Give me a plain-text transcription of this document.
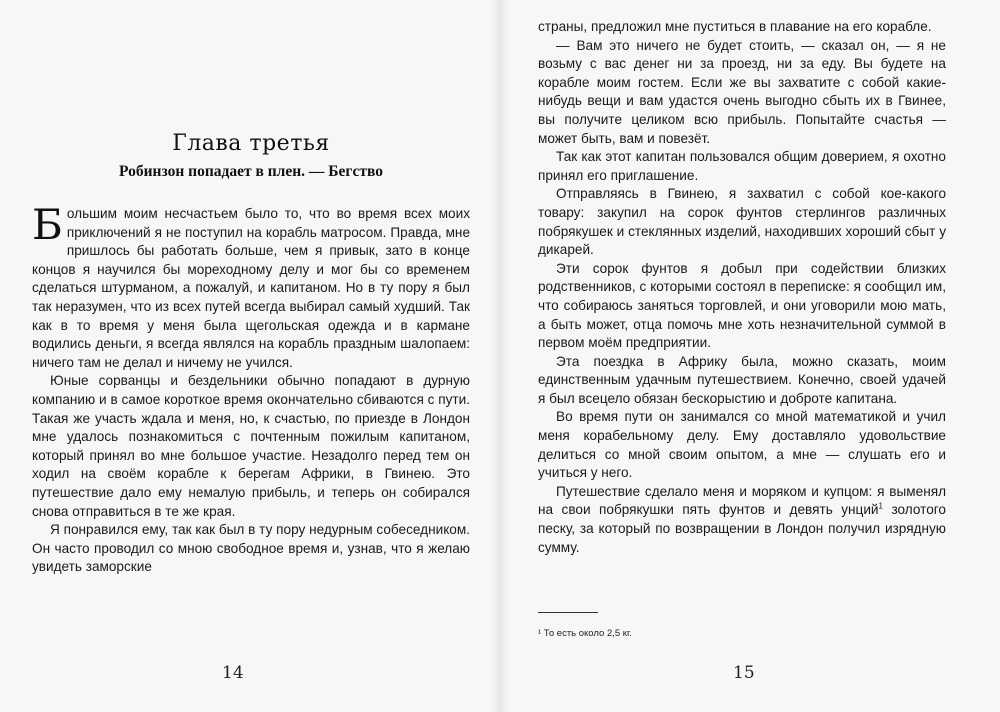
Глава третья
Робинзон попадает в плен. — Бегство

Большим моим несчастьем было то, что во время всех моих приключений я не поступил на корабль матросом. Правда, мне пришлось бы работать больше, чем я привык, зато в конце концов я научился бы мореходному делу и мог бы со временем сделаться штурманом, а пожалуй, и капитаном. Но в ту пору я был так неразумен, что из всех путей всегда выбирал самый худший. Так как в то время у меня была щегольская одежда и в кармане водились деньги, я всегда являлся на корабль праздным шалопаем: ничего там не делал и ничему не учился.

Юные сорванцы и бездельники обычно попадают в дурную компанию и в самое короткое время окончательно сбиваются с пути. Такая же участь ждала и меня, но, к счастью, по приезде в Лондон мне удалось познакомиться с почтенным пожилым капитаном, который принял во мне большое участие. Незадолго перед тем он ходил на своём корабле к берегам Африки, в Гвинею. Это путешествие дало ему немалую прибыль, и теперь он собирался снова отправиться в те же края.

Я понравился ему, так как был в ту пору недурным собеседником. Он часто проводил со мною свободное время и, узнав, что я желаю увидеть заморские

14

страны, предложил мне пуститься в плавание на его корабле.

— Вам это ничего не будет стоить, — сказал он, — я не возьму с вас денег ни за проезд, ни за еду. Вы будете на корабле моим гостем. Если же вы захватите с собой какие-нибудь вещи и вам удастся очень выгодно сбыть их в Гвинее, вы получите целиком всю прибыль. Попытайте счастья — может быть, вам и повезёт.

Так как этот капитан пользовался общим доверием, я охотно принял его приглашение.

Отправляясь в Гвинею, я захватил с собой кое-какого товару: закупил на сорок фунтов стерлингов различных побрякушек и стеклянных изделий, находивших хороший сбыт у дикарей.

Эти сорок фунтов я добыл при содействии близких родственников, с которыми состоял в переписке: я сообщил им, что собираюсь заняться торговлей, и они уговорили мою мать, а быть может, отца помочь мне хоть незначительной суммой в первом моём предприятии.

Эта поездка в Африку была, можно сказать, моим единственным удачным путешествием. Конечно, своей удачей я был всецело обязан бескорыстию и доброте капитана.

Во время пути он занимался со мной математикой и учил меня корабельному делу. Ему доставляло удовольствие делиться со мной своим опытом, а мне — слушать его и учиться у него.

Путешествие сделало меня и моряком и купцом: я выменял на свои побрякушки пять фунтов и девять унций$^1$ золотого песку, за который по возвращении в Лондон получил изрядную сумму.

¹ То есть около 2,5 кг.
15
